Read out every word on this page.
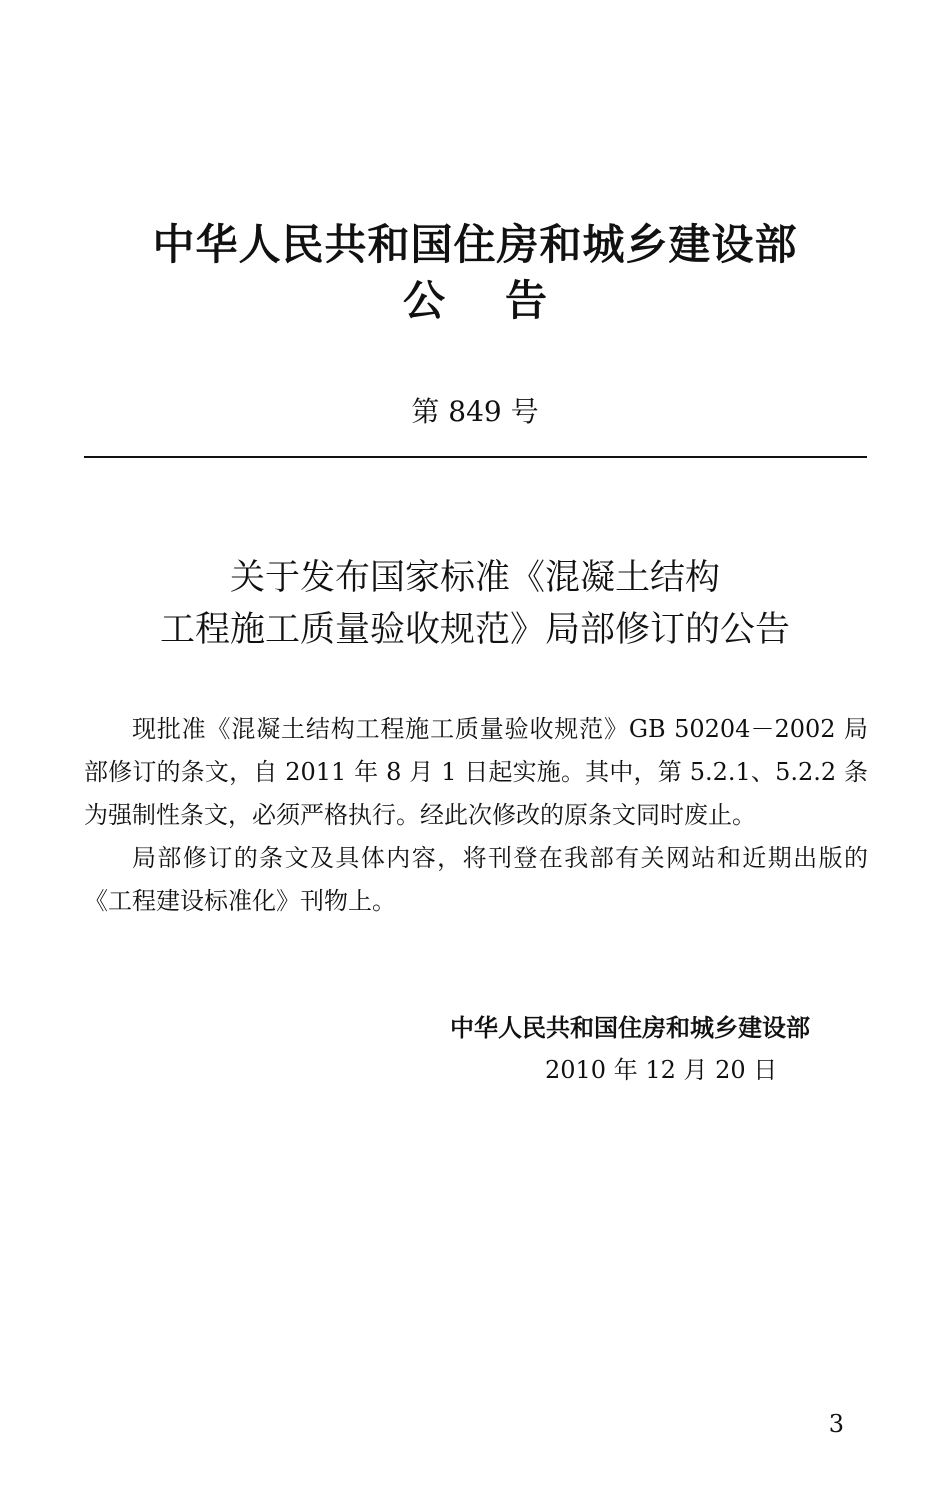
中华人民共和国住房和城乡建设部
公告
第 849 号
关于发布国家标准《混凝土结构
工程施工质量验收规范》局部修订的公告

现批准《混凝土结构工程施工质量验收规范》GB 50204－2002 局部修订的条文，自 2011 年 8 月 1 日起实施。其中，第 5.2.1、5.2.2 条为强制性条文，必须严格执行。经此次修改的原条文同时废止。

局部修订的条文及具体内容，将刊登在我部有关网站和近期出版的《工程建设标准化》刊物上。

中华人民共和国住房和城乡建设部
2010 年 12 月 20 日
3
